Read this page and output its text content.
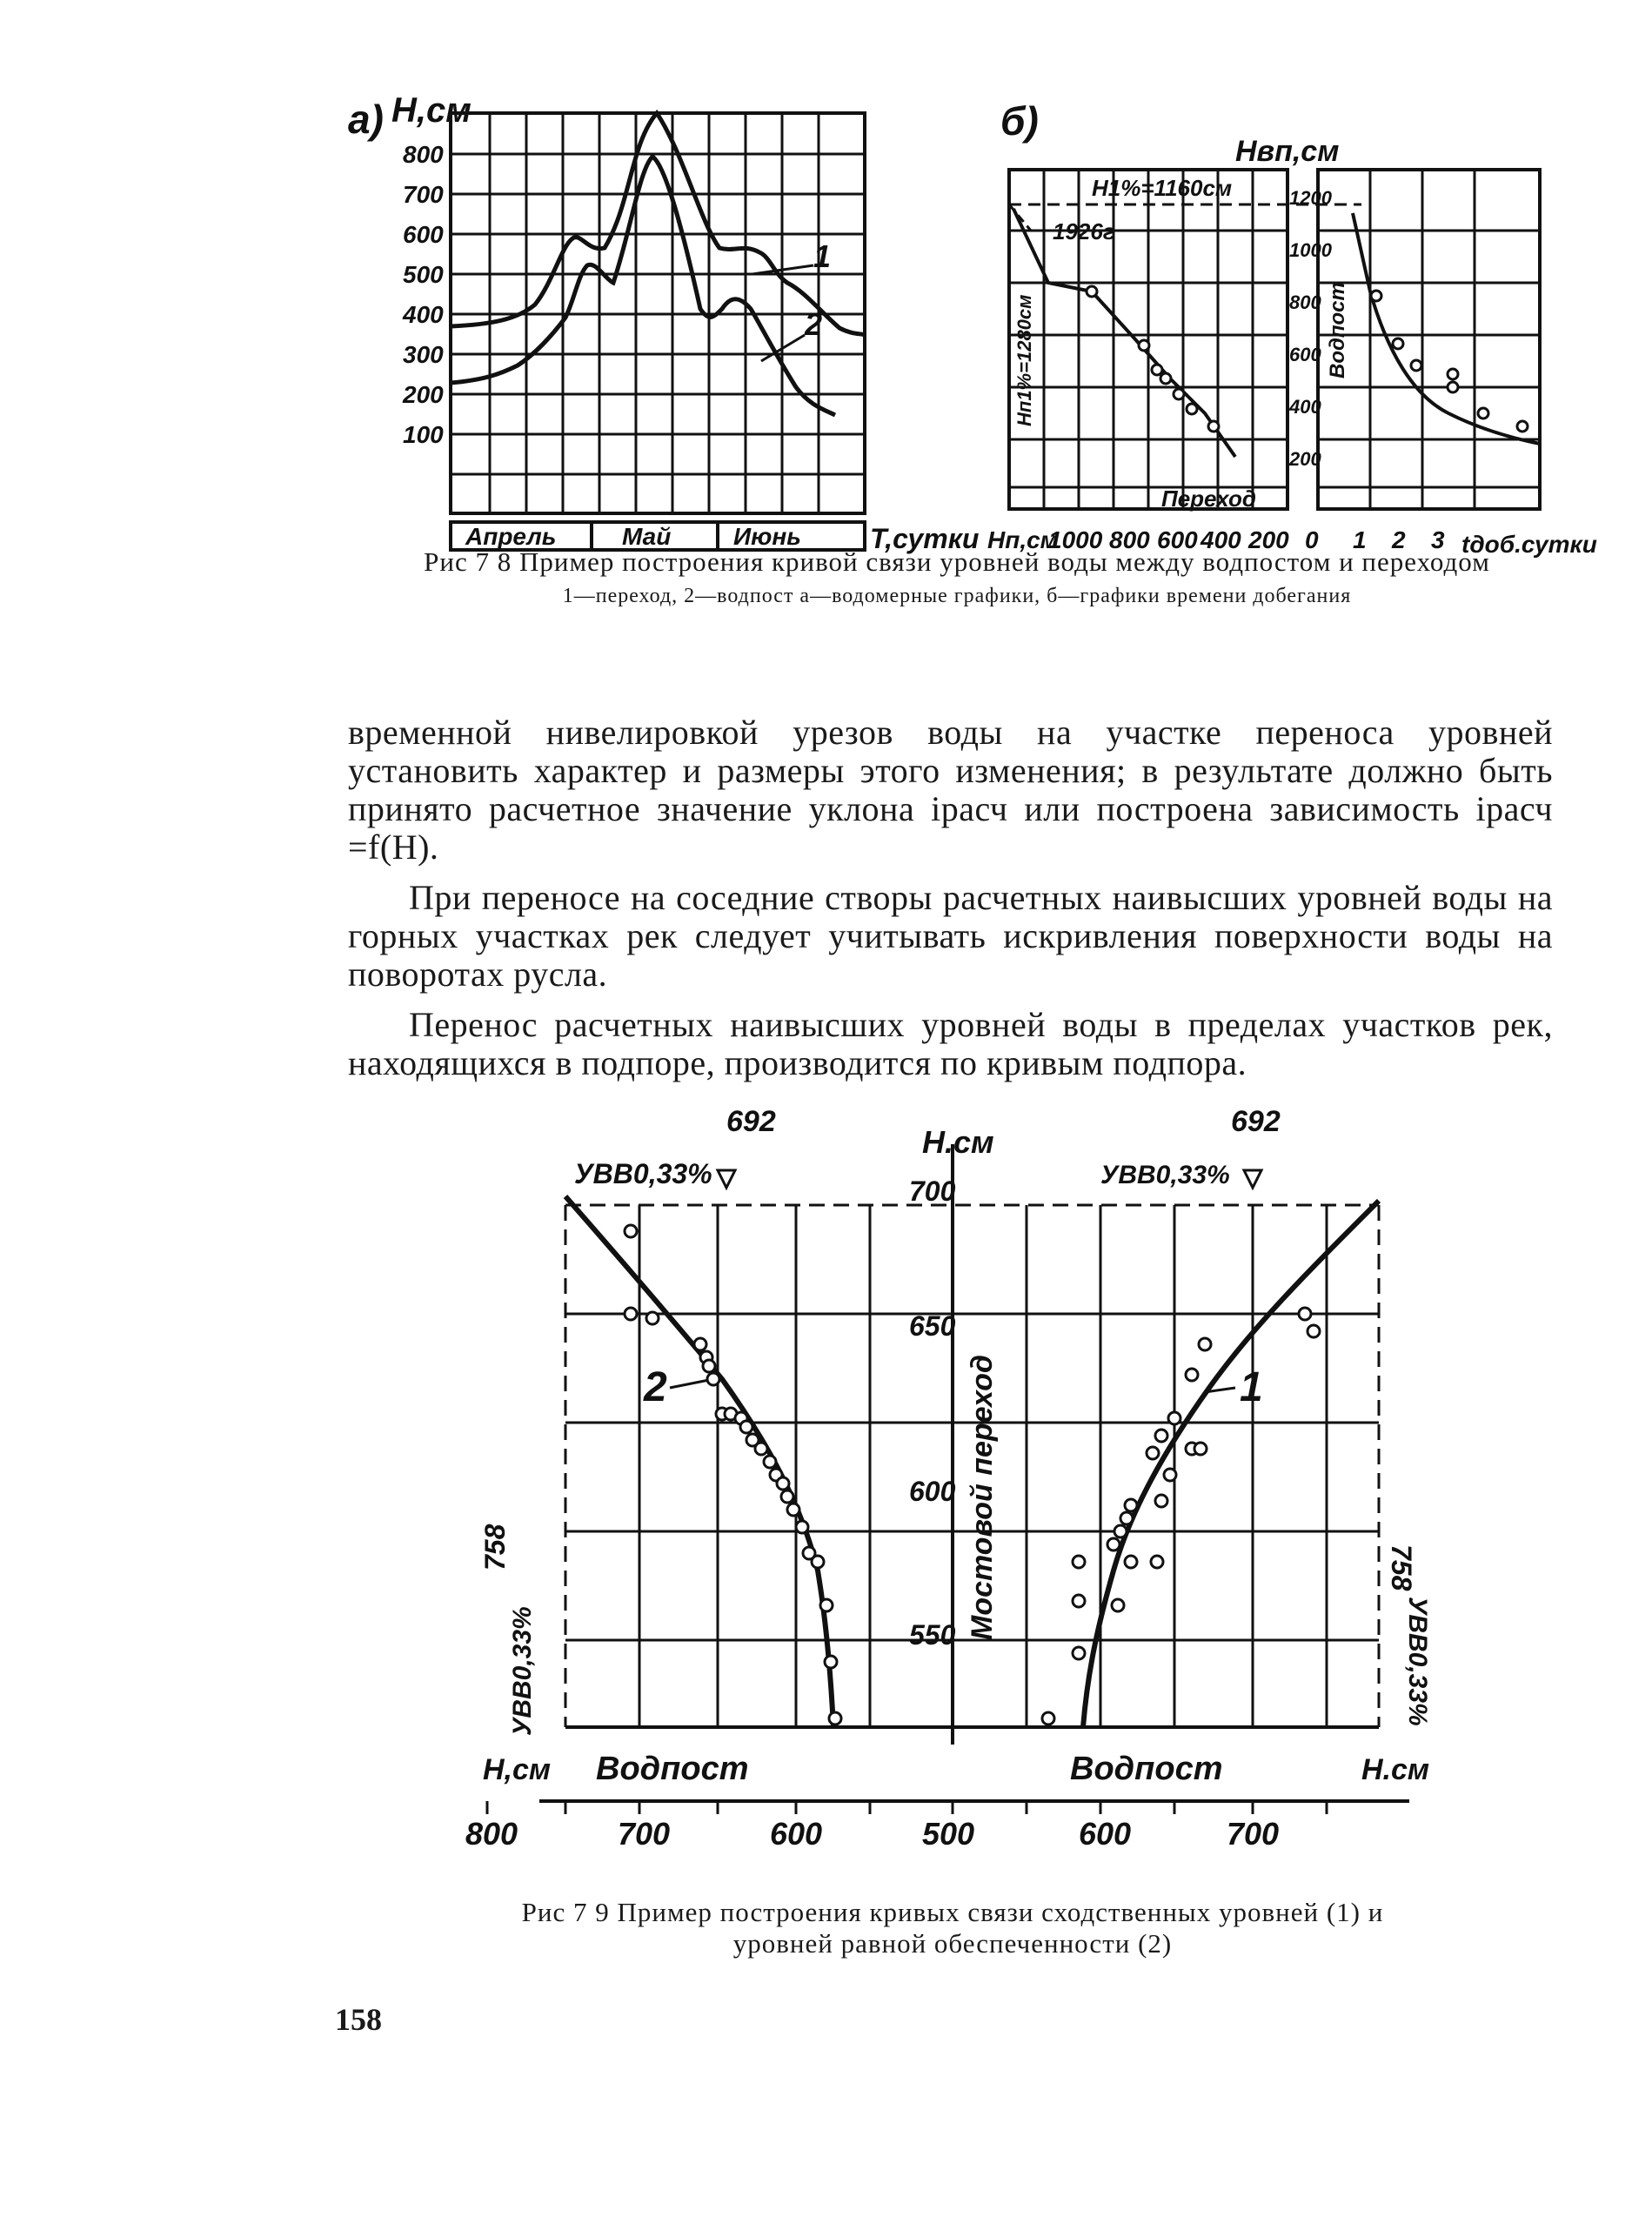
а) H,см
800
700
600
500
400
300
200
100
1
2
Апрель	Май	Июнь T,сутки
б)
Hвп,см
1200
1000
800
600
400
200
H1%=1160см
1926г
Hп1%=1280см
Переход
Водпост
Hп,см
1000 800 600 400 200 0 1 2 3 tдоб.сутки
Рис 7 8 Пример построения кривой связи уровней воды между водпостом и переходом
1—переход, 2—водпост а—водомерные графики, б—графики времени добегания

временной нивелировкой урезов воды на участке переноса уровней установить характер и размеры этого изменения; в результате должно быть принято расчетное значение уклона iрасч или построена зависимость iрасч =f(H).

При переносе на соседние створы расчетных наивысших уровней воды на горных участках рек следует учитывать искривления поверхности воды на поворотах русла.

Перенос расчетных наивысших уровней воды в пределах участков рек, находящихся в подпоре, производится по кривым подпора.

H.см
700
650
600
550 Мостовой переход
692
УВВ0,33%
692
УВВ0,33%
УВВ0,33%
758
УВВ0,33%
758
2	1
H,см Водпост	Водпост	H.см
800	700	600	500	600	700
Рис 7 9 Пример построения кривых связи сходственных уровней (1) и уровней равной обеспеченности (2)
158
